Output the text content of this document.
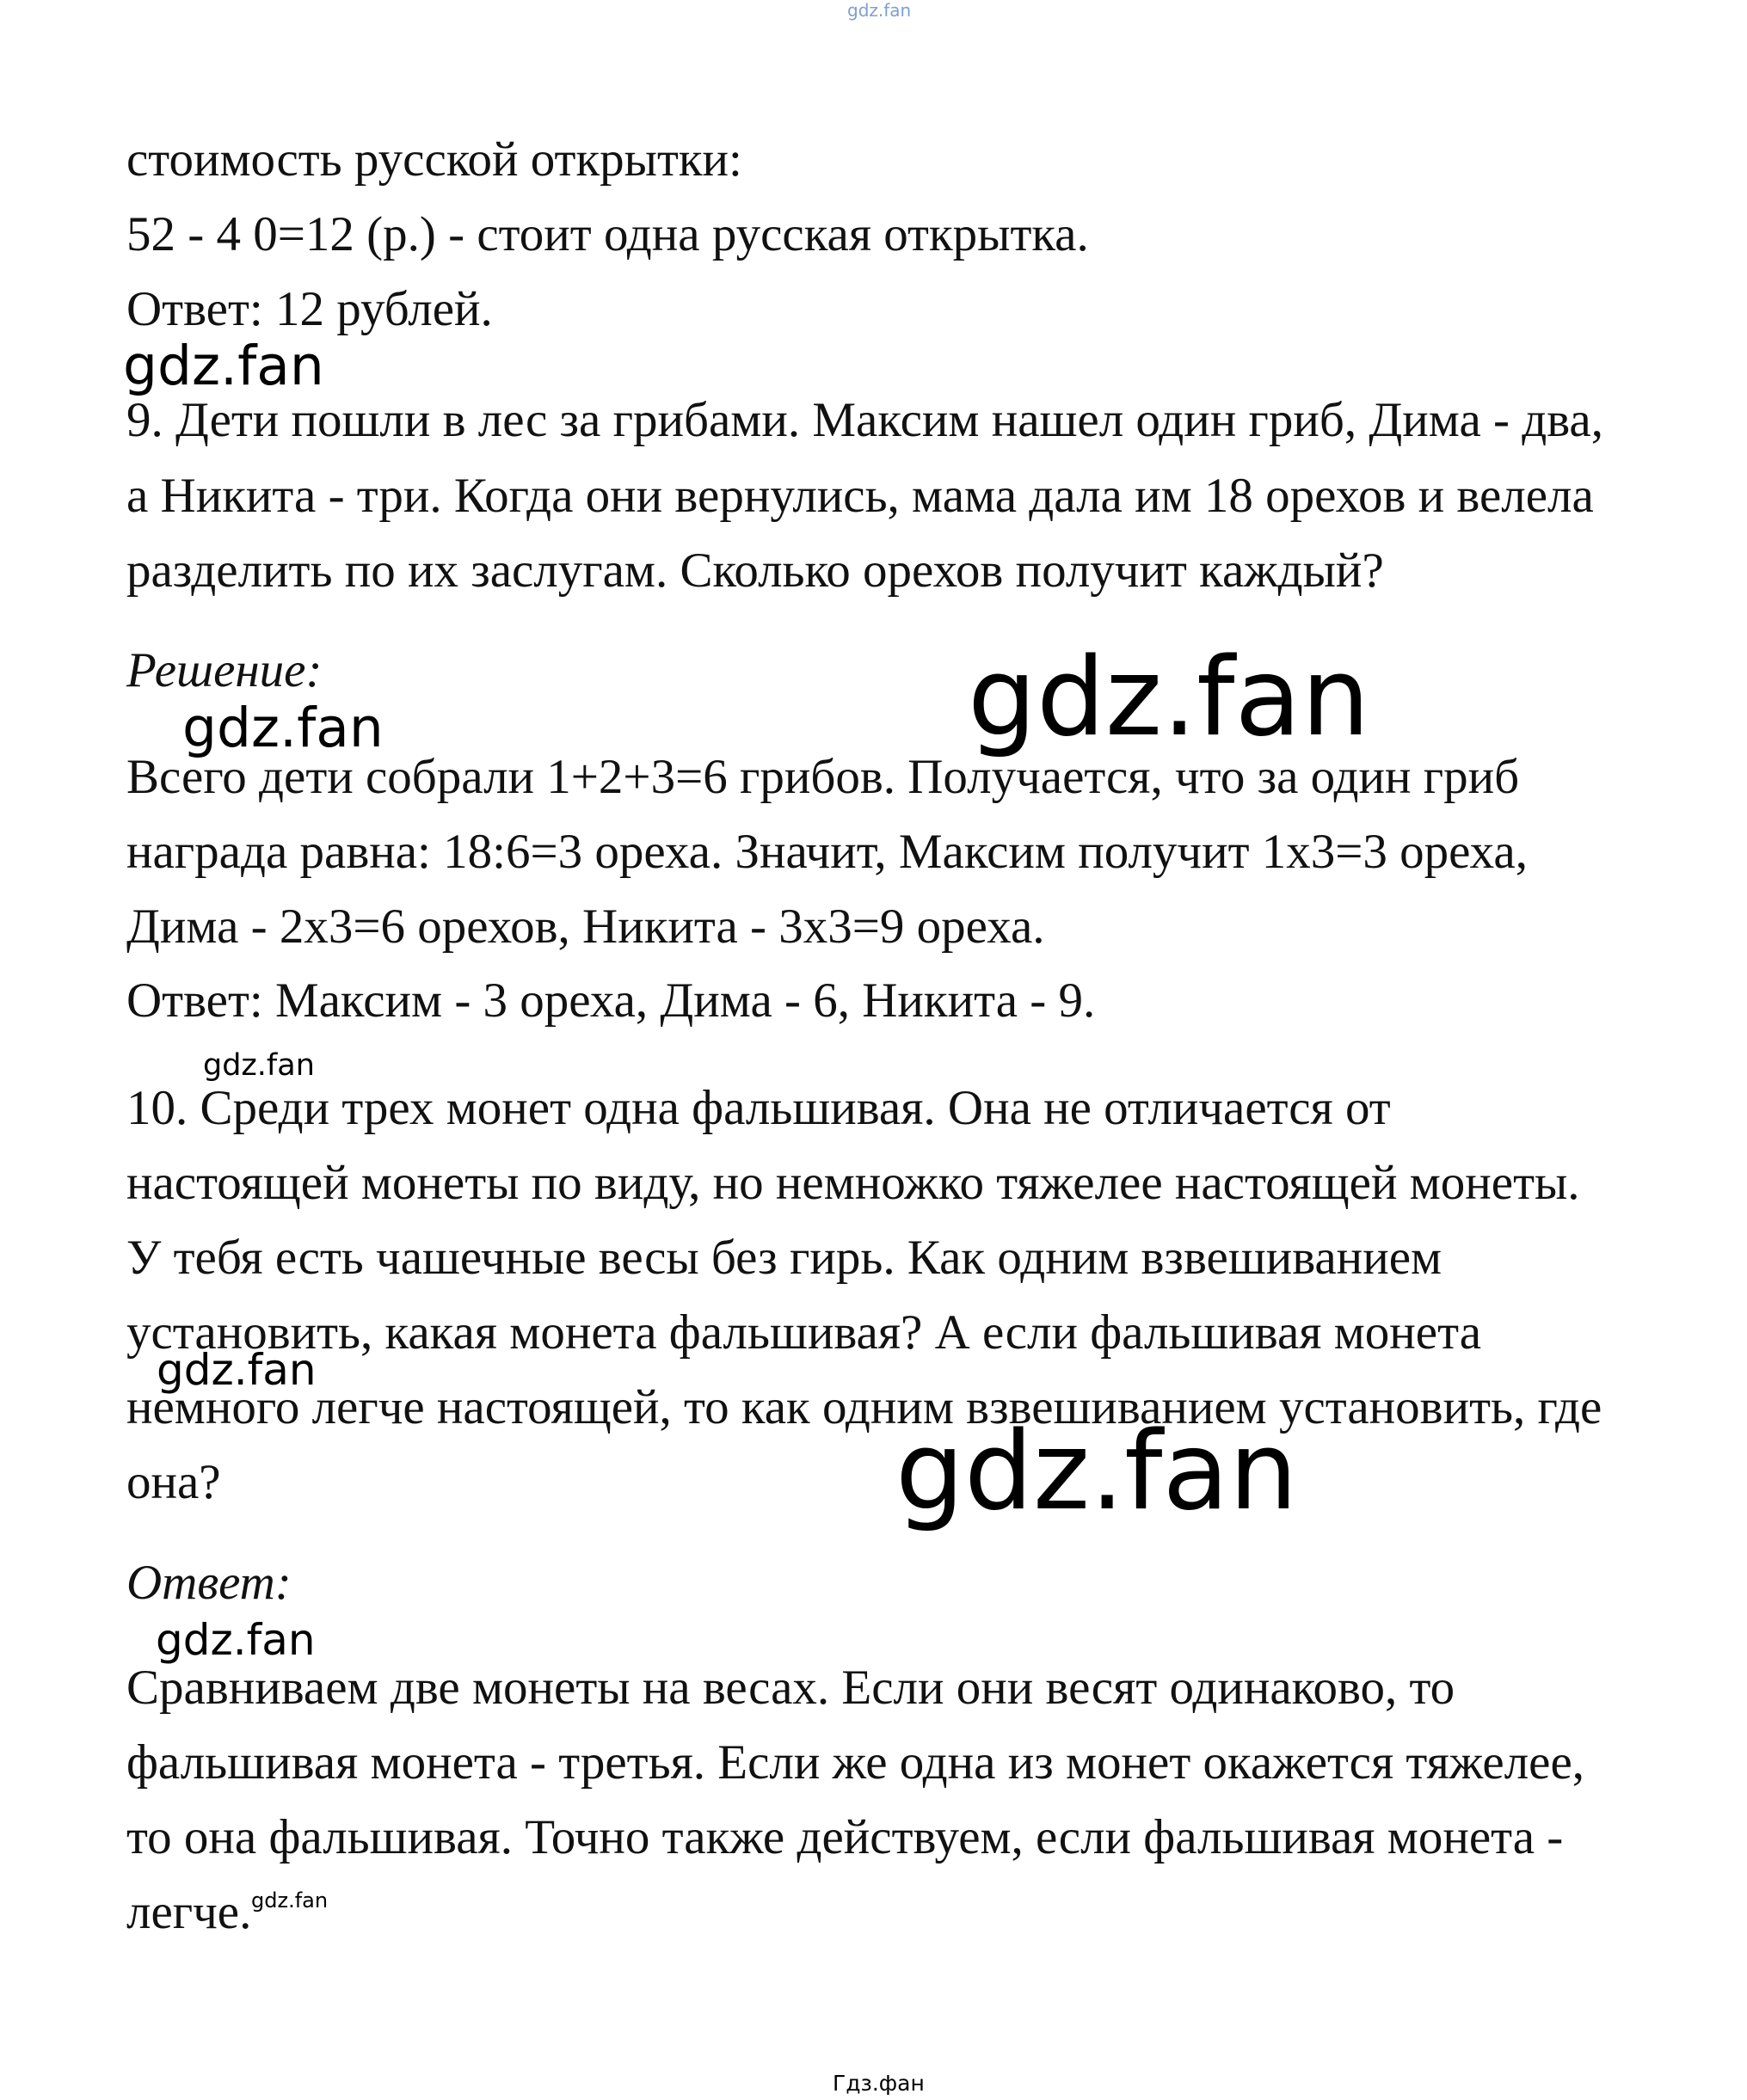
gdz.fan

стоимость русской открытки:

52 - 4 0=12 (р.) - стоит одна русская открытка.

Ответ: 12 рублей.

gdz.fan

9. Дети пошли в лес за грибами. Максим нашел один гриб, Дима - два,

а Никита - три. Когда они вернулись, мама дала им 18 орехов и велела

разделить по их заслугам. Сколько орехов получит каждый?

Решение:	gdz.fan
gdz.fan

Всего дети собрали 1+2+3=6 грибов. Получается, что за один гриб

награда равна: 18:6=3 ореха. Значит, Максим получит 1x3=3 ореха,

Дима - 2x3=6 орехов, Никита - 3x3=9 ореха.

Ответ: Максим - 3 ореха, Дима - 6, Никита - 9.

gdz.fan

10. Среди трех монет одна фальшивая. Она не отличается от

настоящей монеты по виду, но немножко тяжелее настоящей монеты.

У тебя есть чашечные весы без гирь. Как одним взвешиванием

установить, какая монета фальшивая? А если фальшивая монета

gdz.fan

немного легче настоящей, то как одним взвешиванием установить, где

она?	gdz.fan

Ответ:

gdz.fan

Сравниваем две монеты на весах. Если они весят одинаково, то

фальшивая монета - третья. Если же одна из монет окажется тяжелее,

то она фальшивая. Точно также действуем, если фальшивая монета -

легче. gdz.fan
Гдз.фан
